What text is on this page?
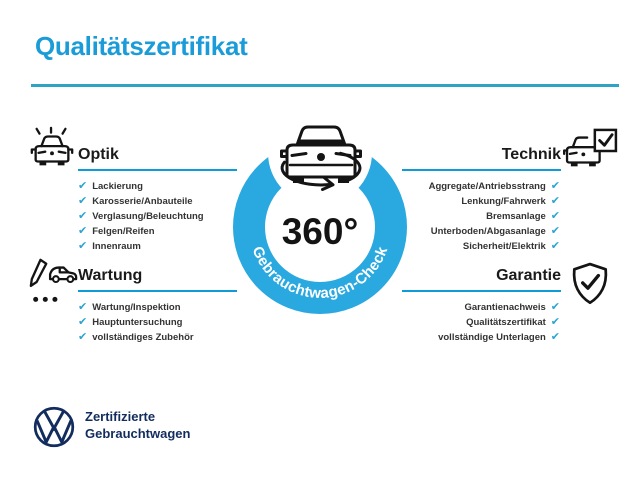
Qualitätszertifikat
Gebrauchtwagen-Check
360°
Optik
✔ Lackierung
✔ Karosserie/Anbauteile
✔ Verglasung/Beleuchtung
✔ Felgen/Reifen
✔ Innenraum
Technik
✔
Aggregate/Antriebsstrang
✔
Lenkung/Fahrwerk
✔
Bremsanlage
✔
Unterboden/Abgasanlage
✔
Sicherheit/Elektrik
Wartung
✔ Wartung/Inspektion
✔ Hauptuntersuchung
✔ vollständiges Zubehör
Garantie
✔
Garantienachweis
✔
Qualitätszertifikat
✔
vollständige Unterlagen
Zertifizierte
Gebrauchtwagen
